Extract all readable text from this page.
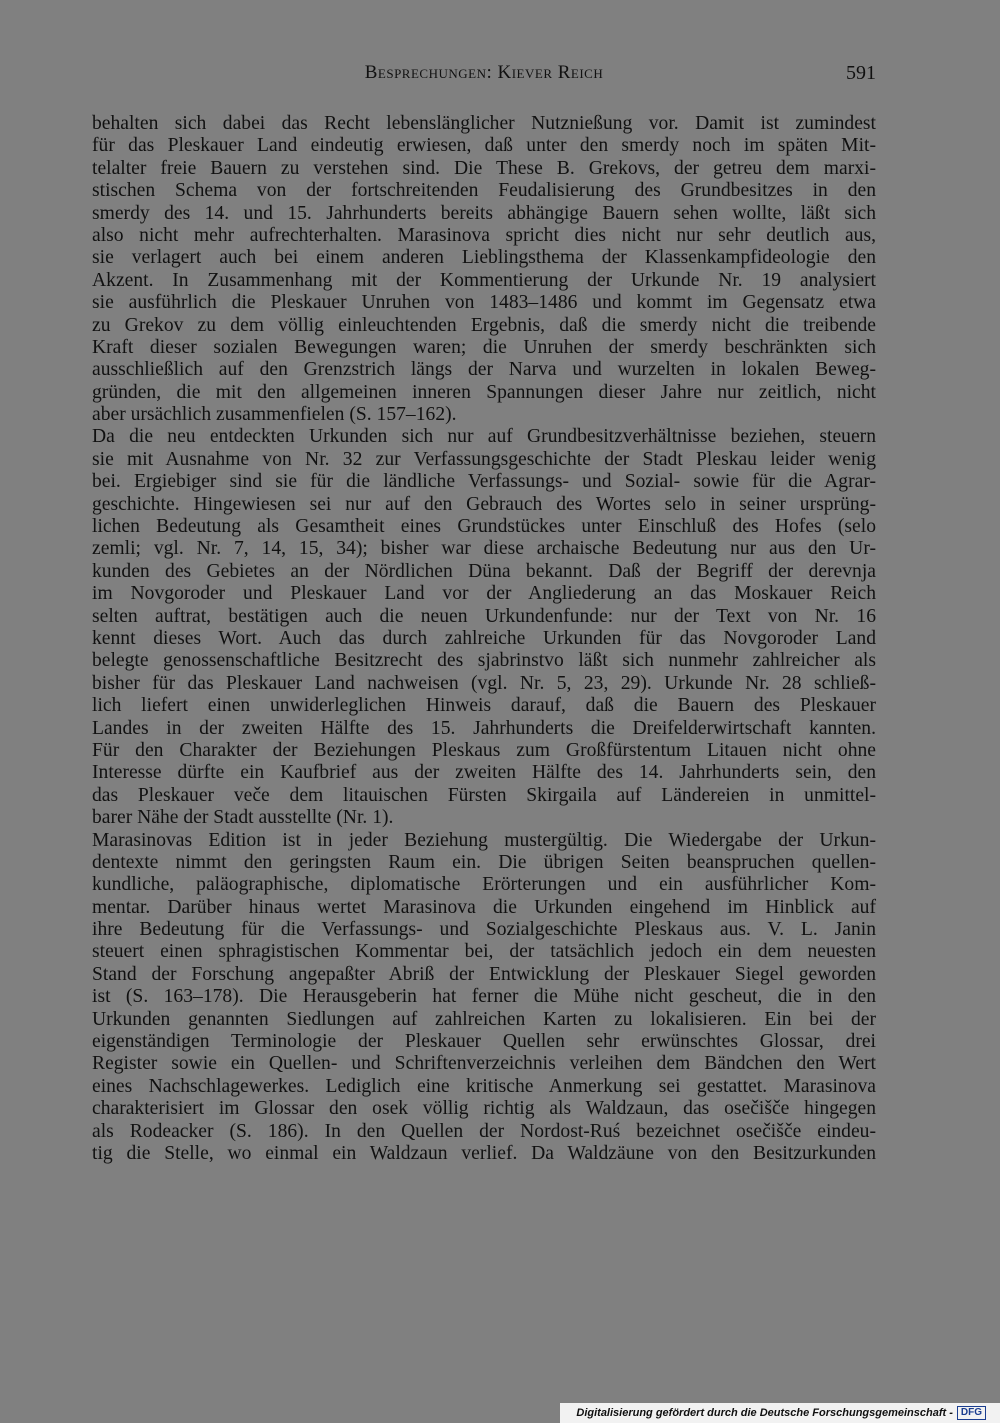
Besprechungen: Kiever Reich	591
behalten sich dabei das Recht lebenslänglicher Nutznießung vor. Damit ist zumindest
für das Pleskauer Land eindeutig erwiesen, daß unter den smerdy noch im späten Mit-
telalter freie Bauern zu verstehen sind. Die These B. Grekovs, der getreu dem marxi-
stischen Schema von der fortschreitenden Feudalisierung des Grundbesitzes in den
smerdy des 14. und 15. Jahrhunderts bereits abhängige Bauern sehen wollte, läßt sich
also nicht mehr aufrechterhalten. Marasinova spricht dies nicht nur sehr deutlich aus,
sie verlagert auch bei einem anderen Lieblingsthema der Klassenkampfideologie den
Akzent. In Zusammenhang mit der Kommentierung der Urkunde Nr. 19 analysiert
sie ausführlich die Pleskauer Unruhen von 1483–1486 und kommt im Gegensatz etwa
zu Grekov zu dem völlig einleuchtenden Ergebnis, daß die smerdy nicht die treibende
Kraft dieser sozialen Bewegungen waren; die Unruhen der smerdy beschränkten sich
ausschließlich auf den Grenzstrich längs der Narva und wurzelten in lokalen Beweg-
gründen, die mit den allgemeinen inneren Spannungen dieser Jahre nur zeitlich, nicht
aber ursächlich zusammenfielen (S. 157–162).
Da die neu entdeckten Urkunden sich nur auf Grundbesitzverhältnisse beziehen, steuern
sie mit Ausnahme von Nr. 32 zur Verfassungsgeschichte der Stadt Pleskau leider wenig
bei. Ergiebiger sind sie für die ländliche Verfassungs- und Sozial- sowie für die Agrar-
geschichte. Hingewiesen sei nur auf den Gebrauch des Wortes selo in seiner ursprüng-
lichen Bedeutung als Gesamtheit eines Grundstückes unter Einschluß des Hofes (selo
zemli; vgl. Nr. 7, 14, 15, 34); bisher war diese archaische Bedeutung nur aus den Ur-
kunden des Gebietes an der Nördlichen Düna bekannt. Daß der Begriff der derevnja
im Novgoroder und Pleskauer Land vor der Angliederung an das Moskauer Reich
selten auftrat, bestätigen auch die neuen Urkundenfunde: nur der Text von Nr. 16
kennt dieses Wort. Auch das durch zahlreiche Urkunden für das Novgoroder Land
belegte genossenschaftliche Besitzrecht des sjabrinstvo läßt sich nunmehr zahlreicher als
bisher für das Pleskauer Land nachweisen (vgl. Nr. 5, 23, 29). Urkunde Nr. 28 schließ-
lich liefert einen unwiderleglichen Hinweis darauf, daß die Bauern des Pleskauer
Landes in der zweiten Hälfte des 15. Jahrhunderts die Dreifelderwirtschaft kannten.
Für den Charakter der Beziehungen Pleskaus zum Großfürstentum Litauen nicht ohne
Interesse dürfte ein Kaufbrief aus der zweiten Hälfte des 14. Jahrhunderts sein, den
das Pleskauer veče dem litauischen Fürsten Skirgaila auf Ländereien in unmittel-
barer Nähe der Stadt ausstellte (Nr. 1).
Marasinovas Edition ist in jeder Beziehung mustergültig. Die Wiedergabe der Urkun-
dentexte nimmt den geringsten Raum ein. Die übrigen Seiten beanspruchen quellen-
kundliche, paläographische, diplomatische Erörterungen und ein ausführlicher Kom-
mentar. Darüber hinaus wertet Marasinova die Urkunden eingehend im Hinblick auf
ihre Bedeutung für die Verfassungs- und Sozialgeschichte Pleskaus aus. V. L. Janin
steuert einen sphragistischen Kommentar bei, der tatsächlich jedoch ein dem neuesten
Stand der Forschung angepaßter Abriß der Entwicklung der Pleskauer Siegel geworden
ist (S. 163–178). Die Herausgeberin hat ferner die Mühe nicht gescheut, die in den
Urkunden genannten Siedlungen auf zahlreichen Karten zu lokalisieren. Ein bei der
eigenständigen Terminologie der Pleskauer Quellen sehr erwünschtes Glossar, drei
Register sowie ein Quellen- und Schriftenverzeichnis verleihen dem Bändchen den Wert
eines Nachschlagewerkes. Lediglich eine kritische Anmerkung sei gestattet. Marasinova
charakterisiert im Glossar den osek völlig richtig als Waldzaun, das osečišče hingegen
als Rodeacker (S. 186). In den Quellen der Nordost-Ruś bezeichnet osečišče eindeu-
tig die Stelle, wo einmal ein Waldzaun verlief. Da Waldzäune von den Besitzurkunden
Digitalisierung gefördert durch die Deutsche Forschungsgemeinschaft - DFG
